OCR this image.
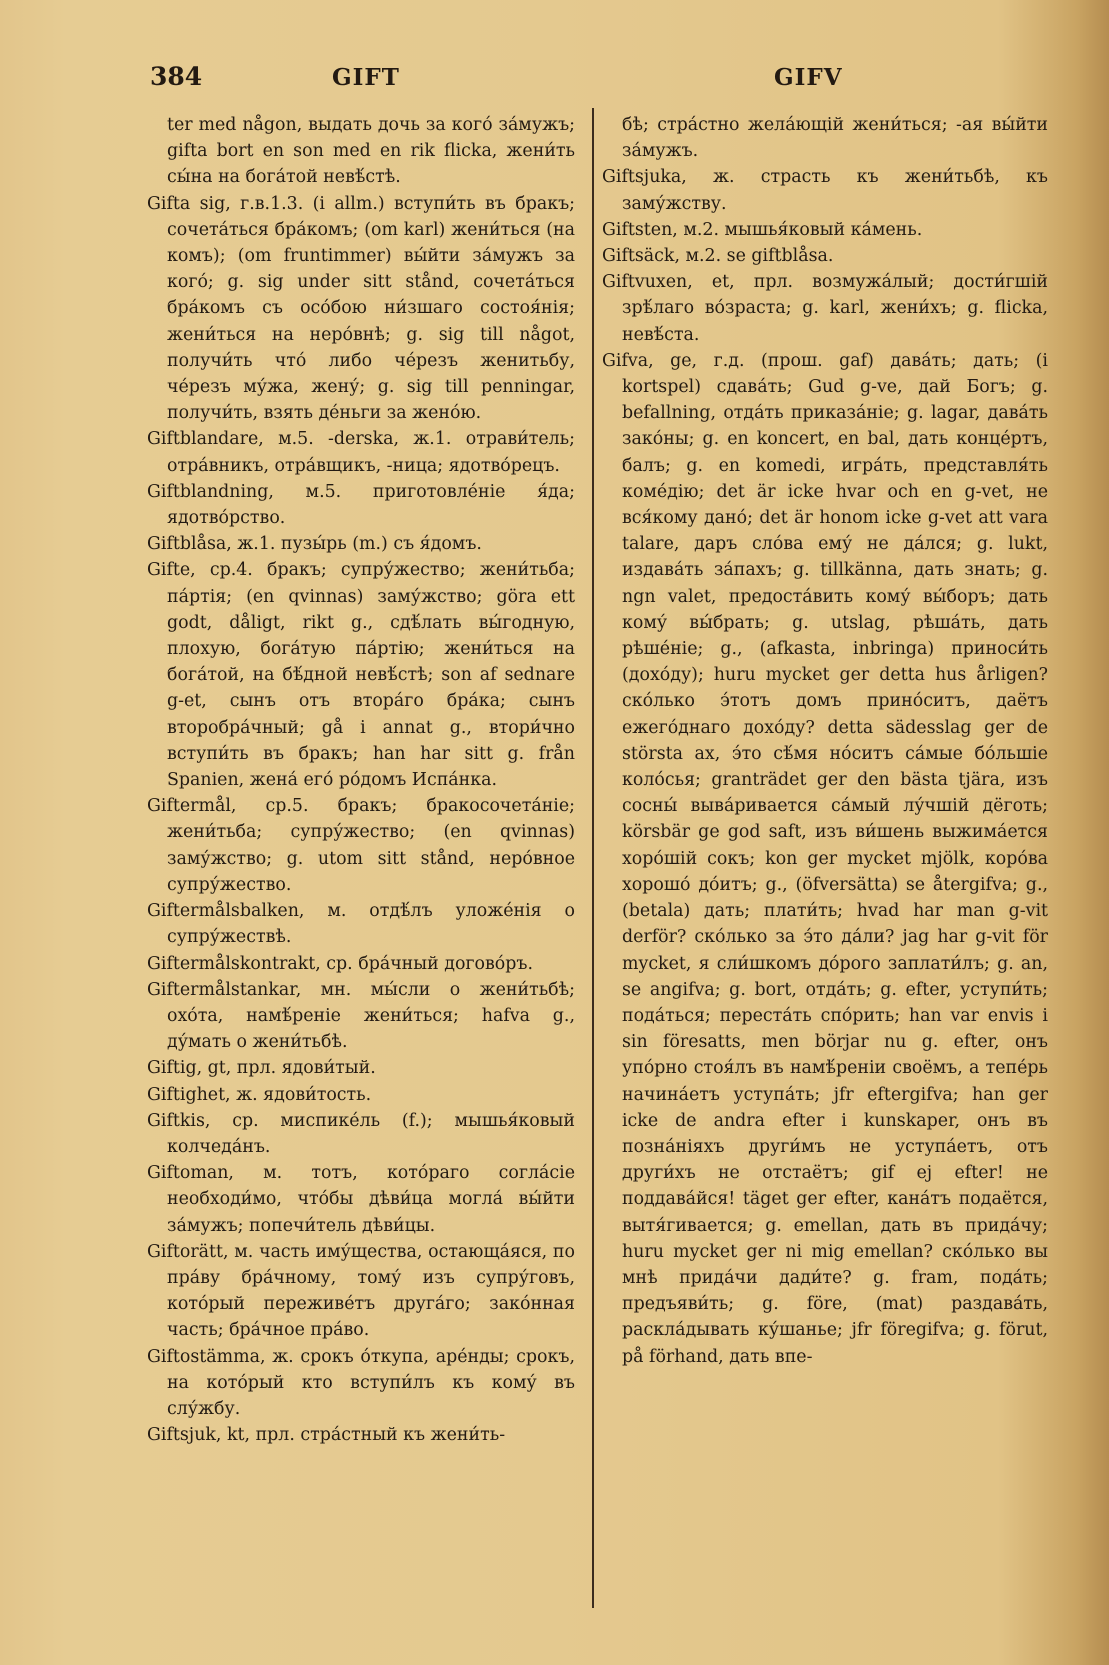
384	GIFT	GIFV

ter med någon, выдать дочь за кого́ за́мужъ; gifta bort en son med en rik flicka, жени́ть сы́на на бога́той невѣ́стѣ.

Gifta sig, г.в.1.3. (i allm.) вступи́ть въ бракъ; сочета́ться бра́комъ; (om karl) жени́ться (на комъ); (om fruntimmer) вы́йти за́мужъ за кого́; g. sig under sitt stånd, сочета́ться бра́комъ съ осо́бою ни́зшаго состоя́нія; жени́ться на неро́внѣ; g. sig till något, получи́ть что́ либо че́резъ женитьбу, че́резъ му́жа, жену́; g. sig till penningar, получи́ть, взять де́ньги за жено́ю.

Giftblandare, м.5. -derska, ж.1. отрави́тель; отра́вникъ, отра́вщикъ, -ница; ядотво́рецъ.

Giftblandning, м.5. приготовле́ніе я́да; ядотво́рство.

Giftblåsa, ж.1. пузы́рь (m.) съ я́домъ.

Gifte, ср.4. бракъ; супру́жество; жени́тьба; па́ртія; (en qvinnas) заму́жство; göra ett godt, dåligt, rikt g., сдѣ́лать вы́годную, плохую, бога́тую па́ртію; жени́ться на бога́той, на бѣ́дной невѣ́стѣ; son af sednare g-et, сынъ отъ втора́го бра́ка; сынъ второбра́чный; gå i annat g., втори́чно вступи́ть въ бракъ; han har sitt g. från Spanien, жена́ его́ ро́домъ Испа́нка.

Giftermål, ср.5. бракъ; бракосочета́ніе; жени́тьба; супру́жество; (en qvinnas) заму́жство; g. utom sitt stånd, неро́вное супру́жество.

Giftermålsbalken, м. отдѣ́лъ уложе́нія о супру́жествѣ.

Giftermålskontrakt, ср. бра́чный догово́ръ.

Giftermålstankar, мн. мы́сли о жени́тьбѣ; охо́та, намѣ́реніе жени́ться; hafva g., ду́мать о жени́тьбѣ.

Giftig, gt, прл. ядови́тый.

Giftighet, ж. ядови́тость.

Giftkis, ср. миспике́ль (f.); мышья́ковый колчеда́нъ.

Giftoman, м. тотъ, кото́раго согла́сіе необходи́мо, что́бы дѣви́ца могла́ вы́йти за́мужъ; попечи́тель дѣви́цы.

Giftorätt, м. часть иму́щества, остающа́яся, по пра́ву бра́чному, тому́ изъ супру́говъ, кото́рый переживе́тъ друга́го; зако́нная часть; бра́чное пра́во.

Giftostämma, ж. срокъ о́ткупа, аре́нды; срокъ, на кото́рый кто вступи́лъ къ кому́ въ слу́жбу.

Giftsjuk, kt, прл. стра́стный къ жени́ть-

бѣ; стра́стно жела́ющій жени́ться; -ая вы́йти за́мужъ.

Giftsjuka, ж. страсть къ жени́тьбѣ, къ заму́жству.

Giftsten, м.2. мышья́ковый ка́мень.

Giftsäck, м.2. se giftblåsa.

Giftvuxen, et, прл. возмужа́лый; дости́гшій зрѣ́лаго во́зраста; g. karl, жени́хъ; g. flicka, невѣ́ста.

Gifva, ge, г.д. (прош. gaf) дава́ть; дать; (i kortspel) сдава́ть; Gud g-ve, дай Богъ; g. befallning, отда́ть приказа́ніе; g. lagar, дава́ть зако́ны; g. en koncert, en bal, дать конце́ртъ, балъ; g. en komedi, игра́ть, представля́ть коме́дію; det är icke hvar och en g-vet, не вся́кому дано́; det är honom icke g-vet att vara talare, даръ сло́ва ему́ не да́лся; g. lukt, издава́ть за́пахъ; g. tillkänna, дать знать; g. ngn valet, предоста́вить кому́ вы́боръ; дать кому́ вы́брать; g. utslag, рѣша́ть, дать рѣше́ніе; g., (afkasta, inbringa) приноси́ть (дохо́ду); huru mycket ger detta hus årligen? ско́лько э́тотъ домъ прино́ситъ, даётъ ежего́днаго дохо́ду? detta sädesslag ger de största ax, э́то сѣ́мя но́ситъ са́мые бо́льшіе коло́сья; granträdet ger den bästa tjära, изъ сосны́ выва́ривается са́мый лу́чшій дёготь; körsbär ge god saft, изъ ви́шень выжима́ется хоро́шій сокъ; kon ger mycket mjölk, коро́ва хорошо́ до́итъ; g., (öfversätta) se återgifva; g., (betala) дать; плати́ть; hvad har man g-vit derför? ско́лько за э́то да́ли? jag har g-vit för mycket, я сли́шкомъ до́рого заплати́лъ; g. an, se angifva; g. bort, отда́ть; g. efter, уступи́ть; пода́ться; переста́ть спо́рить; han var envis i sin föresatts, men börjar nu g. efter, онъ упо́рно стоя́лъ въ намѣ́реніи своёмъ, а тепе́рь начина́етъ уступа́ть; jfr eftergifva; han ger icke de andra efter i kunskaper, онъ въ позна́ніяхъ други́мъ не уступа́етъ, отъ други́хъ не отстаётъ; gif ej efter! не поддава́йся! täget ger efter, кана́тъ подаётся, вытя́гивается; g. emellan, дать въ прида́чу; huru mycket ger ni mig emellan? ско́лько вы мнѣ прида́чи дади́те? g. fram, пода́ть; предъяви́ть; g. före, (mat) раздава́ть, раскла́дывать ку́шанье; jfr föregifva; g. förut, på förhand, дать впе-
